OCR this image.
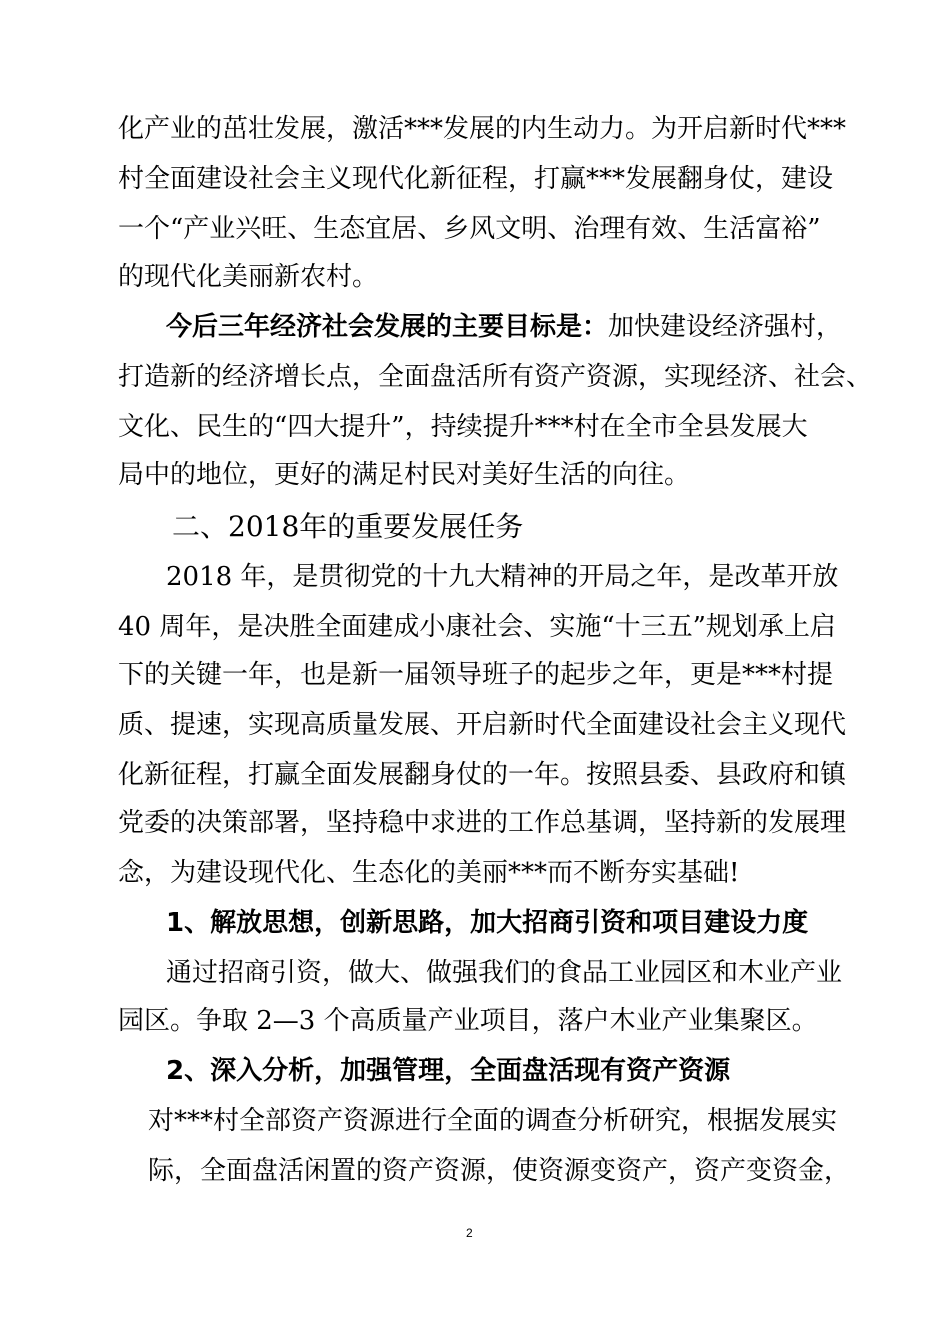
化产业的茁壮发展，激活***发展的内生动力。为开启新时代***
村全面建设社会主义现代化新征程，打赢***发展翻身仗，建设
一个“产业兴旺、生态宜居、乡风文明、治理有效、生活富裕”
的现代化美丽新农村。
今后三年经济社会发展的主要目标是：加快建设经济强村，
打造新的经济增长点，全面盘活所有资产资源，实现经济、社会、
文化、民生的“四大提升”，持续提升***村在全市全县发展大
局中的地位，更好的满足村民对美好生活的向往。
二、2018年的重要发展任务
2018 年，是贯彻党的十九大精神的开局之年，是改革开放
40 周年，是决胜全面建成小康社会、实施“十三五”规划承上启
下的关键一年，也是新一届领导班子的起步之年，更是***村提
质、提速，实现高质量发展、开启新时代全面建设社会主义现代
化新征程，打赢全面发展翻身仗的一年。按照县委、县政府和镇
党委的决策部署，坚持稳中求进的工作总基调，坚持新的发展理
念，为建设现代化、生态化的美丽***而不断夯实基础!
1、解放思想，创新思路，加大招商引资和项目建设力度
通过招商引资，做大、做强我们的食品工业园区和木业产业
园区。争取 2—3 个高质量产业项目，落户木业产业集聚区。
2、深入分析，加强管理，全面盘活现有资产资源
对***村全部资产资源进行全面的调查分析研究，根据发展实
际，全面盘活闲置的资产资源，使资源变资产，资产变资金，
2
